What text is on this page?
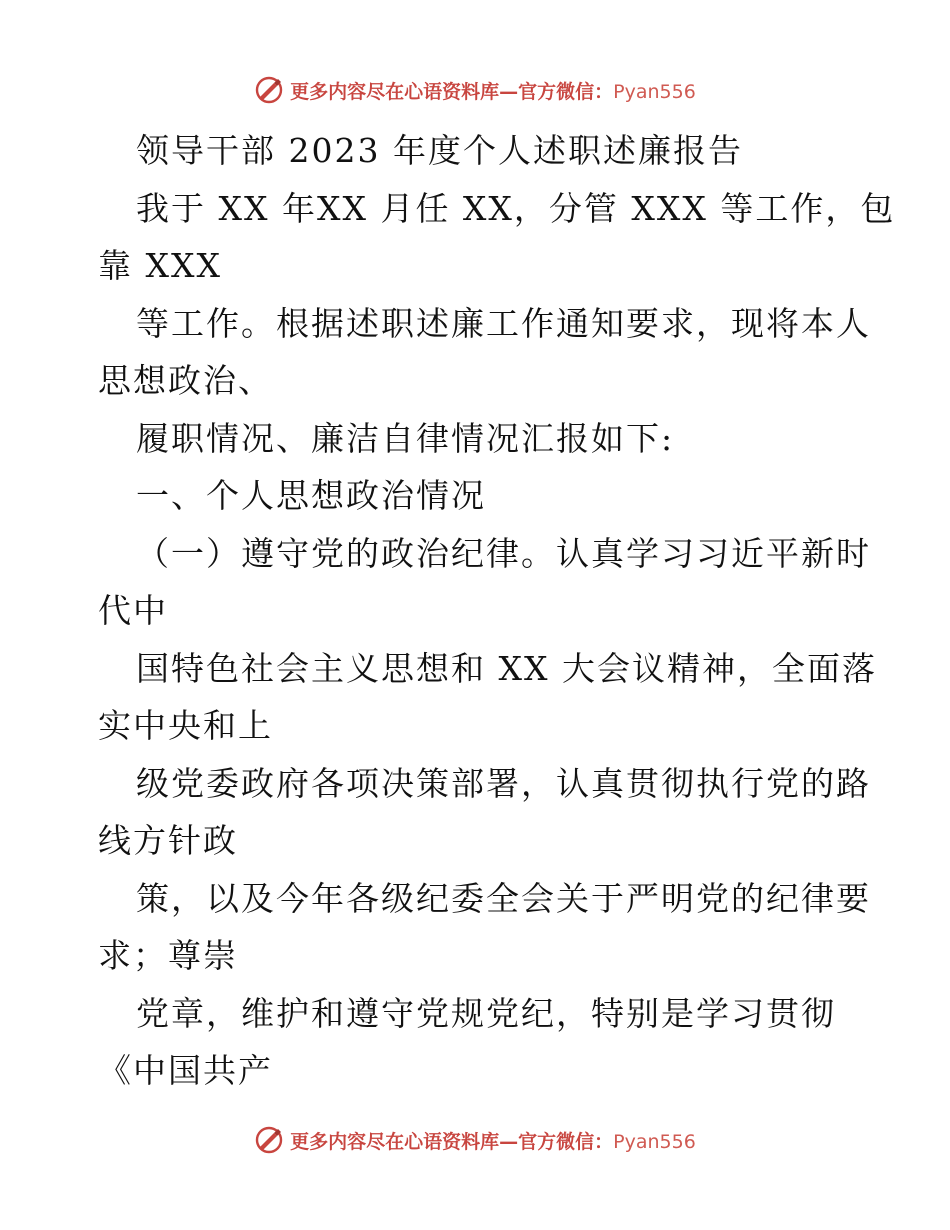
更多内容尽在心语资料库—官方微信：Pyan556
领导干部 2023 年度个人述职述廉报告
我于 XX 年XX 月任 XX，分管 XXX 等工作，包
靠 XXX
等工作。根据述职述廉工作通知要求，现将本人
思想政治、
履职情况、廉洁自律情况汇报如下:
一、个人思想政治情况
（一）遵守党的政治纪律。认真学习习近平新时
代中
国特色社会主义思想和 XX 大会议精神，全面落
实中央和上
级党委政府各项决策部署，认真贯彻执行党的路
线方针政
策，以及今年各级纪委全会关于严明党的纪律要
求；尊崇
党章，维护和遵守党规党纪，特别是学习贯彻
《中国共产
更多内容尽在心语资料库—官方微信：Pyan556
